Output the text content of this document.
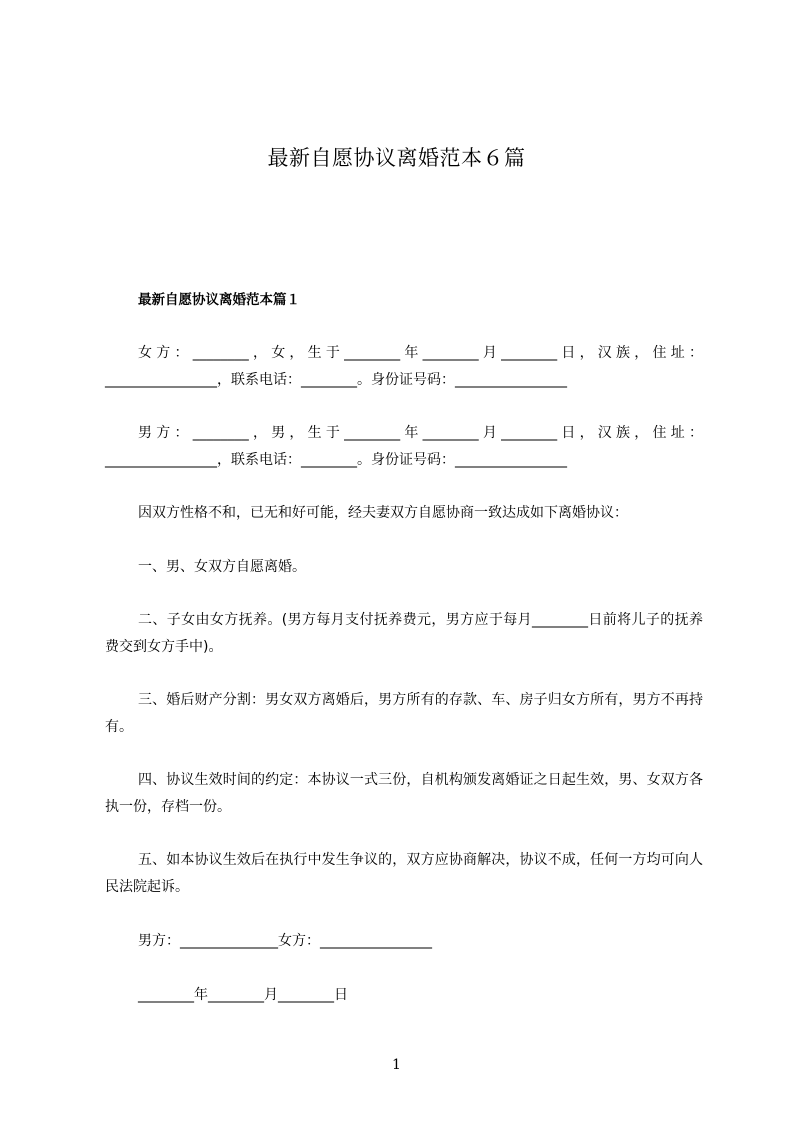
最新自愿协议离婚范本６篇
最新自愿协议离婚范本篇１
女方：________，女，生于________年________月________日，汉族，住址：________________，联系电话：________。身份证号码：________________
男方：________，男，生于________年________月________日，汉族，住址：________________，联系电话：________。身份证号码：________________
因双方性格不和，已无和好可能，经夫妻双方自愿协商一致达成如下离婚协议：
一、男、女双方自愿离婚。
二、子女由女方抚养。(男方每月支付抚养费元，男方应于每月________日前将儿子的抚养费交到女方手中)。
三、婚后财产分割：男女双方离婚后，男方所有的存款、车、房子归女方所有，男方不再持有。
四、协议生效时间的约定：本协议一式三份，自机构颁发离婚证之日起生效，男、女双方各执一份，存档一份。
五、如本协议生效后在执行中发生争议的，双方应协商解决，协议不成，任何一方均可向人民法院起诉。
男方：______________女方：________________
________年________月________日
1
